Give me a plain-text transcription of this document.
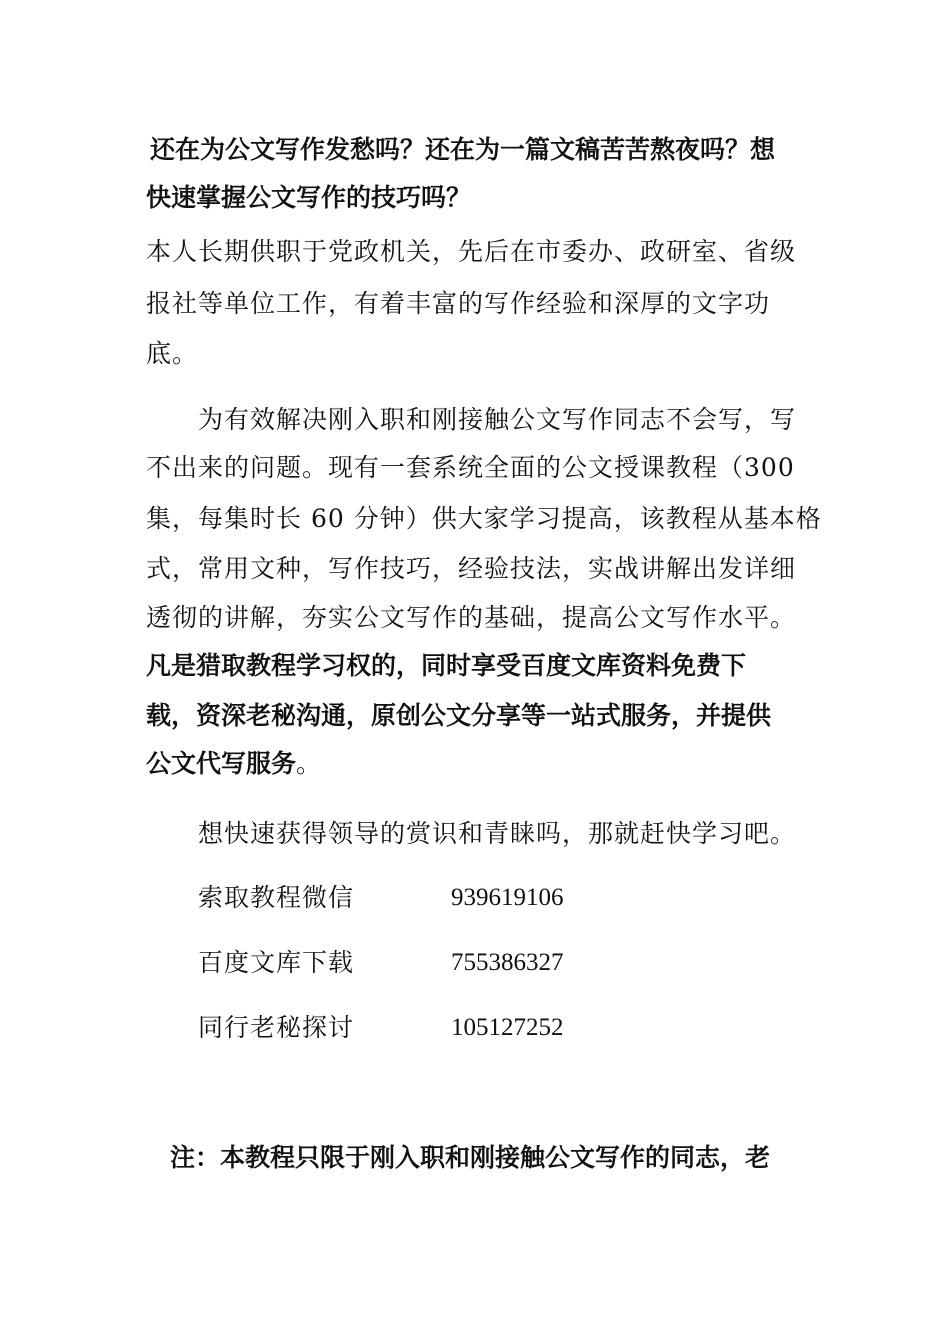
还在为公文写作发愁吗？还在为一篇文稿苦苦熬夜吗？想
快速掌握公文写作的技巧吗？
本人长期供职于党政机关，先后在市委办、政研室、省级
报社等单位工作，有着丰富的写作经验和深厚的文字功
底。
为有效解决刚入职和刚接触公文写作同志不会写，写
不出来的问题。现有一套系统全面的公文授课教程（300
集，每集时长 60 分钟）供大家学习提高，该教程从基本格
式，常用文种，写作技巧，经验技法，实战讲解出发详细
透彻的讲解，夯实公文写作的基础，提高公文写作水平。
凡是猎取教程学习权的，同时享受百度文库资料免费下
载，资深老秘沟通，原创公文分享等一站式服务，并提供
公文代写服务。
想快速获得领导的赏识和青睐吗，那就赶快学习吧。
索取教程微信	939619106
百度文库下载	755386327
同行老秘探讨	105127252
注：本教程只限于刚入职和刚接触公文写作的同志，老
